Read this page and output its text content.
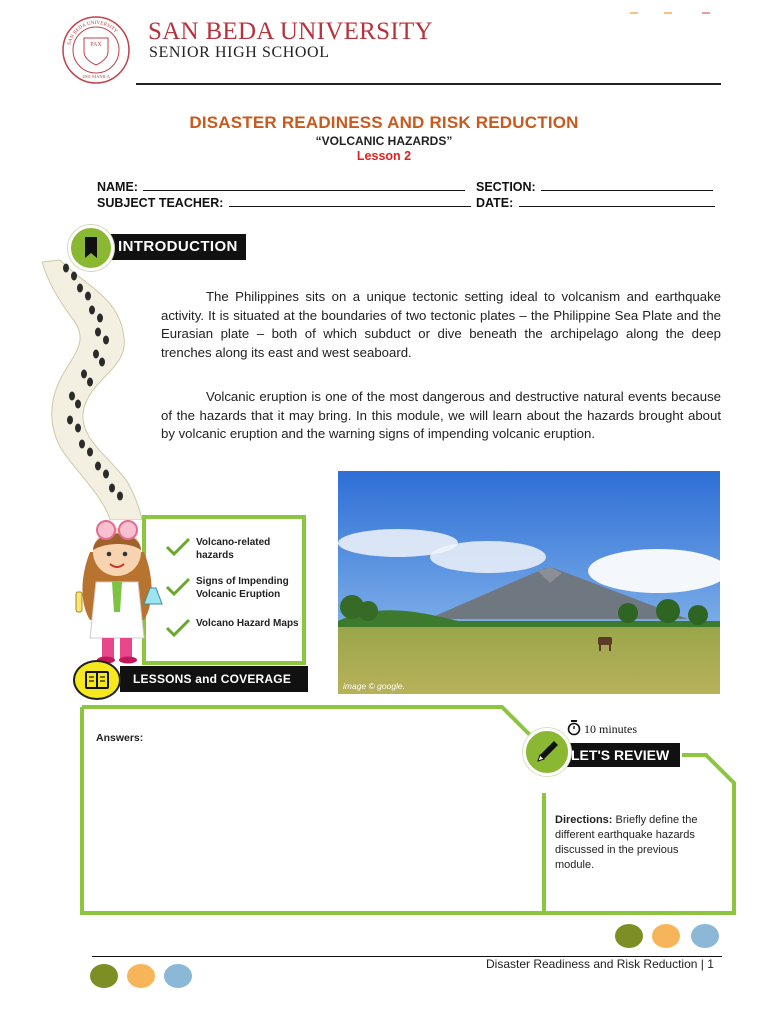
PAX
1901 MANILA
SAN BEDA UNIVERSITY SAN BEDA UNIVERSITY
SENIOR HIGH SCHOOL
DISASTER READINESS AND RISK REDUCTION
“VOLCANIC HAZARDS”
Lesson 2
NAME:	SECTION:
SUBJECT TEACHER:	DATE:
INTRODUCTION
The Philippines sits on a unique tectonic setting ideal to volcanism and earthquake activity. It is situated at the boundaries of two tectonic plates – the Philippine Sea Plate and the Eurasian plate – both of which subduct or dive beneath the archipelago along the deep trenches along its east and west seaboard.
Volcanic eruption is one of the most dangerous and destructive natural events because of the hazards that it may bring. In this module, we will learn about the hazards brought about by volcanic eruption and the warning signs of impending volcanic eruption.
Volcano-related hazards
Signs of Impending Volcanic Eruption
Volcano Hazard Maps
LESSONS and COVERAGE	image © google.
Answers:
10 minutes
LET'S REVIEW
Directions: Briefly define the different earthquake hazards discussed in the previous module.
Disaster Readiness and Risk Reduction | 1
